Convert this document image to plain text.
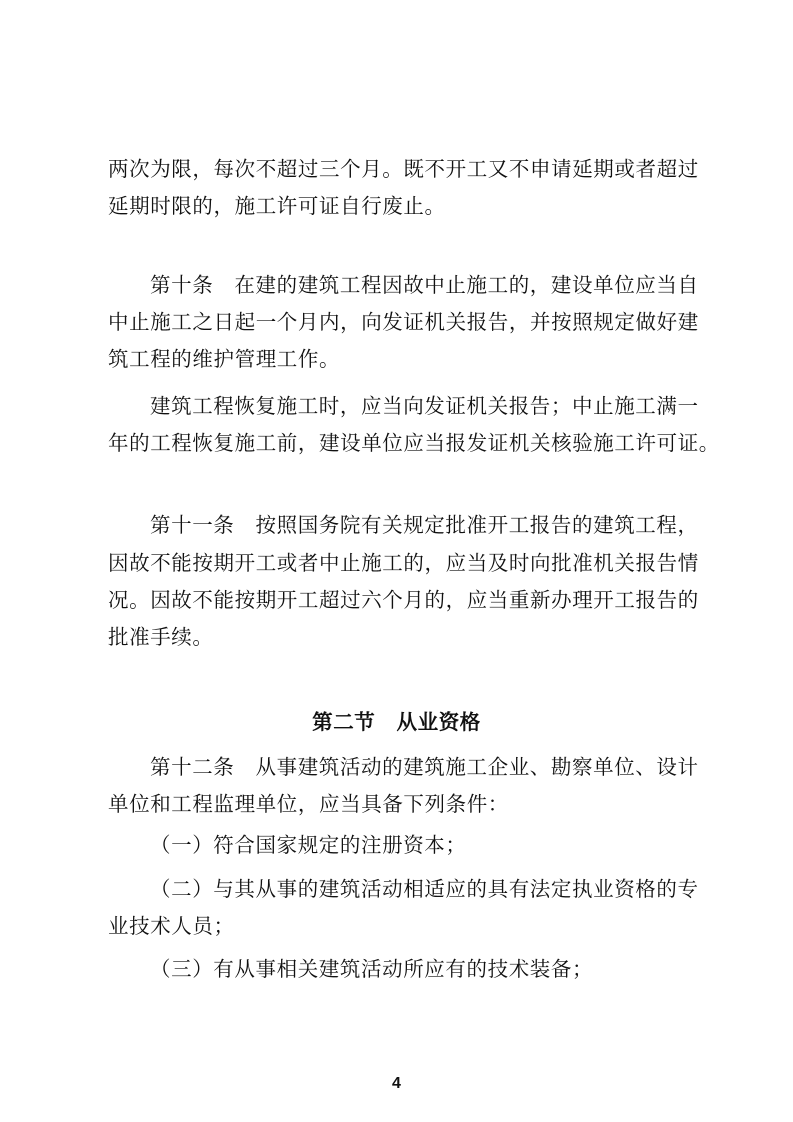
两次为限，每次不超过三个月。既不开工又不申请延期或者超过
延期时限的，施工许可证自行废止。
第十条　在建的建筑工程因故中止施工的，建设单位应当自
中止施工之日起一个月内，向发证机关报告，并按照规定做好建
筑工程的维护管理工作。
建筑工程恢复施工时，应当向发证机关报告；中止施工满一
年的工程恢复施工前，建设单位应当报发证机关核验施工许可证。
第十一条　按照国务院有关规定批准开工报告的建筑工程，
因故不能按期开工或者中止施工的，应当及时向批准机关报告情
况。因故不能按期开工超过六个月的，应当重新办理开工报告的
批准手续。
第二节　从业资格
第十二条　从事建筑活动的建筑施工企业、勘察单位、设计
单位和工程监理单位，应当具备下列条件：
（一）符合国家规定的注册资本；
（二）与其从事的建筑活动相适应的具有法定执业资格的专
业技术人员；
（三）有从事相关建筑活动所应有的技术装备；
4
